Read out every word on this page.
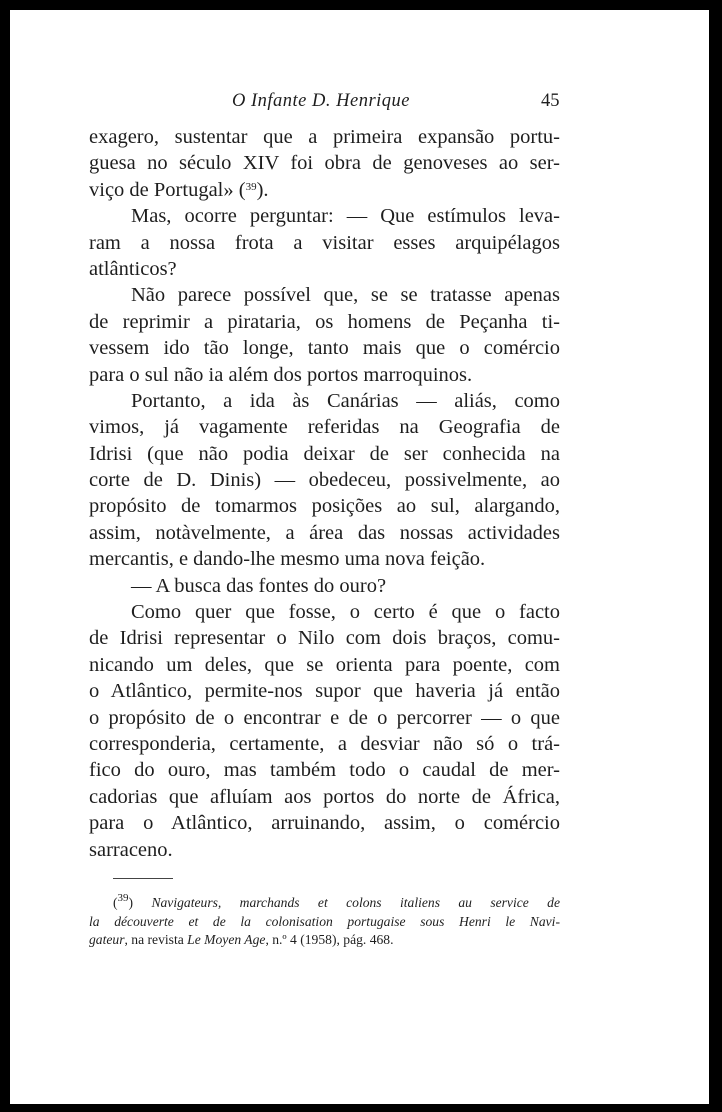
O Infante D. Henrique	45
exagero, sustentar que a primeira expansão portu-
guesa no século XIV foi obra de genoveses ao ser-
viço de Portugal» ($^{39}$).
Mas, ocorre perguntar: — Que estímulos leva-
ram a nossa frota a visitar esses arquipélagos
atlânticos?
Não parece possível que, se se tratasse apenas
de reprimir a pirataria, os homens de Peçanha ti-
vessem ido tão longe, tanto mais que o comércio
para o sul não ia além dos portos marroquinos.
Portanto, a ida às Canárias — aliás, como
vimos, já vagamente referidas na Geografia de
Idrisi (que não podia deixar de ser conhecida na
corte de D. Dinis) — obedeceu, possivelmente, ao
propósito de tomarmos posições ao sul, alargando,
assim, notàvelmente, a área das nossas actividades
mercantis, e dando-lhe mesmo uma nova feição.
— A busca das fontes do ouro?
Como quer que fosse, o certo é que o facto
de Idrisi representar o Nilo com dois braços, comu-
nicando um deles, que se orienta para poente, com
o Atlântico, permite-nos supor que haveria já então
o propósito de o encontrar e de o percorrer — o que
corresponderia, certamente, a desviar não só o trá-
fico do ouro, mas também todo o caudal de mer-
cadorias que afluíam aos portos do norte de África,
para o Atlântico, arruinando, assim, o comércio
sarraceno.
($^{39}$) Navigateurs, marchands et colons italiens au service de
la découverte et de la colonisation portugaise sous Henri le Navi-
gateur, na revista Le Moyen Age, n.º 4 (1958), pág. 468.
